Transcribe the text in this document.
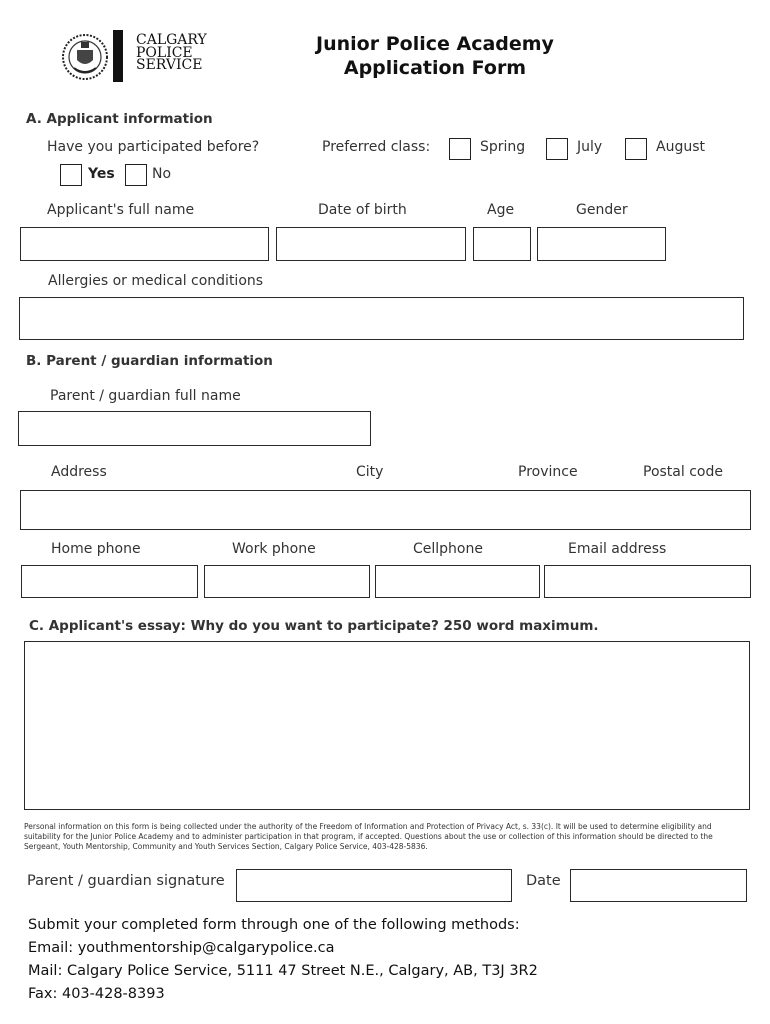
CALGARY
POLICE
SERVICE
Junior Police Academy
Application Form
A. Applicant information
Have you participated before?
Yes	No
Preferred class:	Spring	July	August
Applicant's full name	Date of birth	Age	Gender
Allergies or medical conditions
B. Parent / guardian information
Parent / guardian full name
Address	City	Province	Postal code
Home phone	Work phone	Cellphone	Email address
C. Applicant's essay: Why do you want to participate? 250 word maximum.
Personal information on this form is being collected under the authority of the Freedom of Information and Protection of Privacy Act, s. 33(c). It will be used to determine eligibility and suitability for the Junior Police Academy and to administer participation in that program, if accepted. Questions about the use or collection of this information should be directed to the Sergeant, Youth Mentorship, Community and Youth Services Section, Calgary Police Service, 403-428-5836.
Parent / guardian signature	Date
Submit your completed form through one of the following methods:
Email: youthmentorship@calgarypolice.ca
Mail: Calgary Police Service, 5111 47 Street N.E., Calgary, AB, T3J 3R2
Fax: 403-428-8393
